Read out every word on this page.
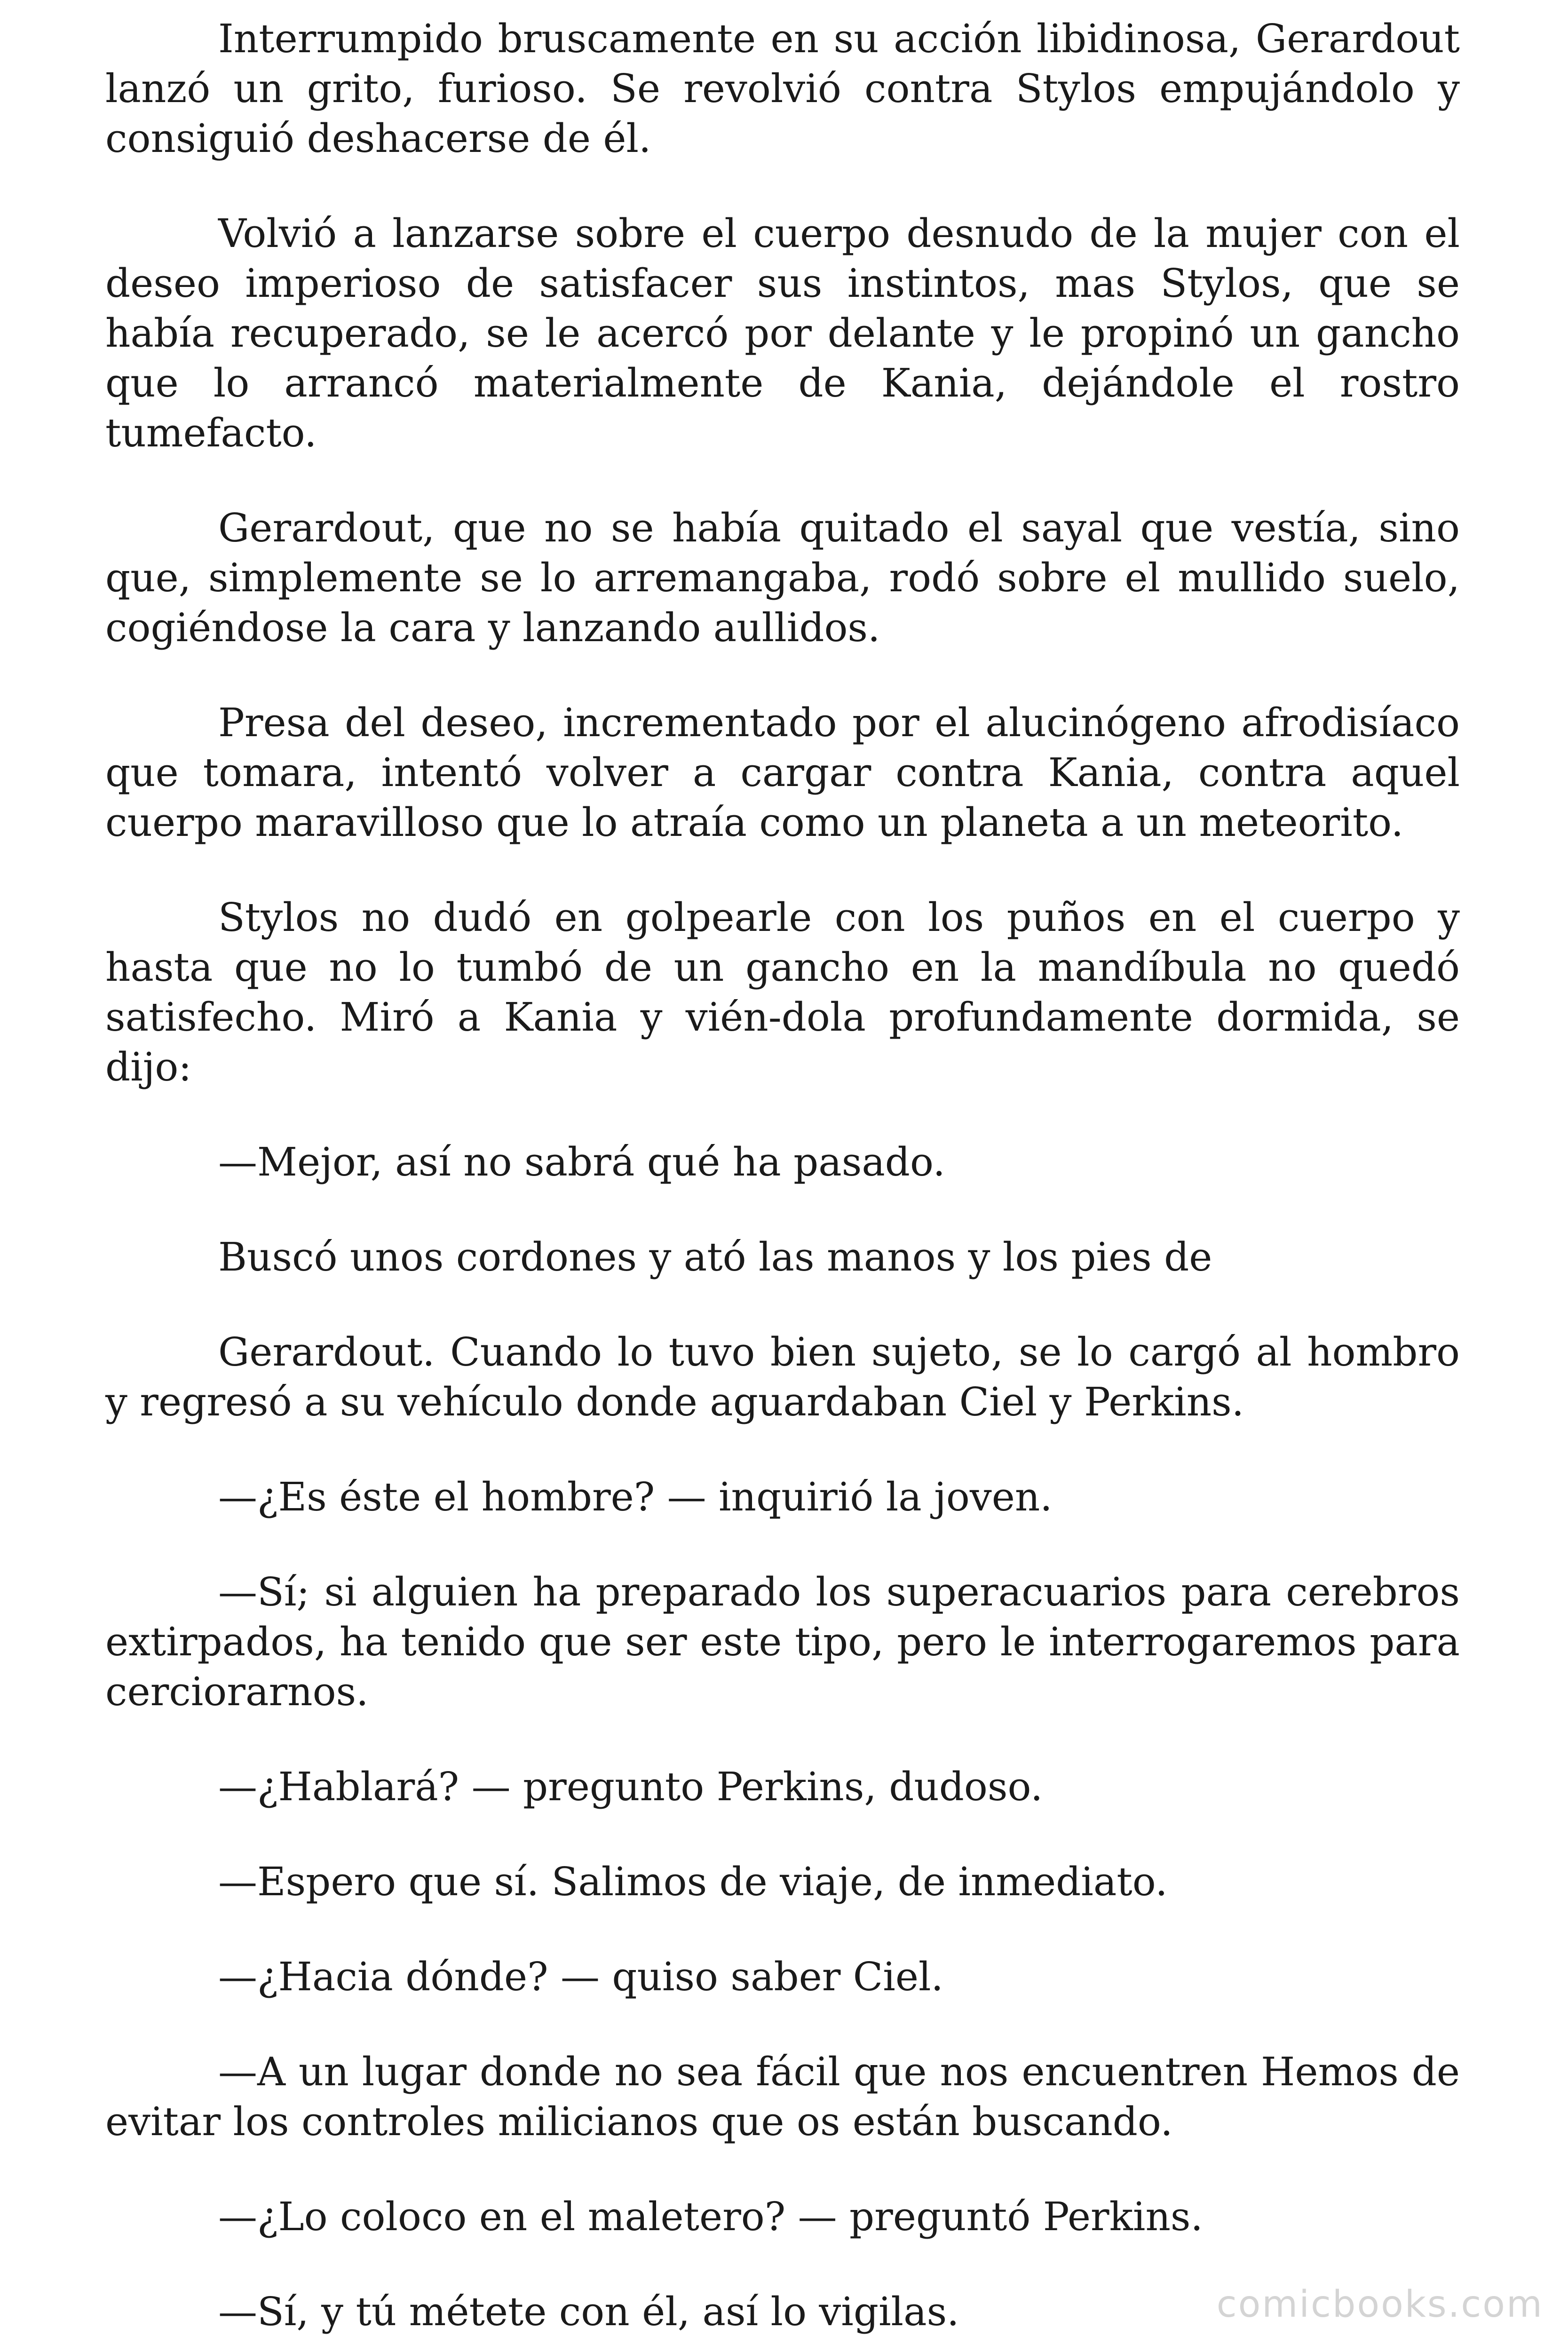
Interrumpido bruscamente en su acción libidinosa, Gerardout lanzó un grito, furioso. Se revolvió contra Stylos empujándolo y consiguió deshacerse de él.

Volvió a lanzarse sobre el cuerpo desnudo de la mujer con el deseo imperioso de satisfacer sus instintos, mas Stylos, que se había recuperado, se le acercó por delante y le propinó un gancho que lo arrancó materialmente de Kania, dejándole el rostro tumefacto.

Gerardout, que no se había quitado el sayal que vestía, sino que, simplemente se lo arremangaba, rodó sobre el mullido suelo, cogiéndose la cara y lanzando aullidos.

Presa del deseo, incrementado por el alucinógeno afrodisíaco que tomara, intentó volver a cargar contra Kania, contra aquel cuerpo maravilloso que lo atraía como un planeta a un meteorito.

Stylos no dudó en golpearle con los puños en el cuerpo y hasta que no lo tumbó de un gancho en la mandíbula no quedó satisfecho. Miró a Kania y vién-dola profundamente dormida, se dijo:

—Mejor, así no sabrá qué ha pasado.

Buscó unos cordones y ató las manos y los pies de

Gerardout. Cuando lo tuvo bien sujeto, se lo cargó al hombro y regresó a su vehículo donde aguardaban Ciel y Perkins.

—¿Es éste el hombre? — inquirió la joven.

—Sí; si alguien ha preparado los superacuarios para cerebros extirpados, ha tenido que ser este tipo, pero le interrogaremos para cerciorarnos.

—¿Hablará? — pregunto Perkins, dudoso.

—Espero que sí. Salimos de viaje, de inmediato.

—¿Hacia dónde? — quiso saber Ciel.

—A un lugar donde no sea fácil que nos encuentren Hemos de evitar los controles milicianos que os están buscando.

—¿Lo coloco en el maletero? — preguntó Perkins.

—Sí, y tú métete con él, así lo vigilas.	comicbooks.com
